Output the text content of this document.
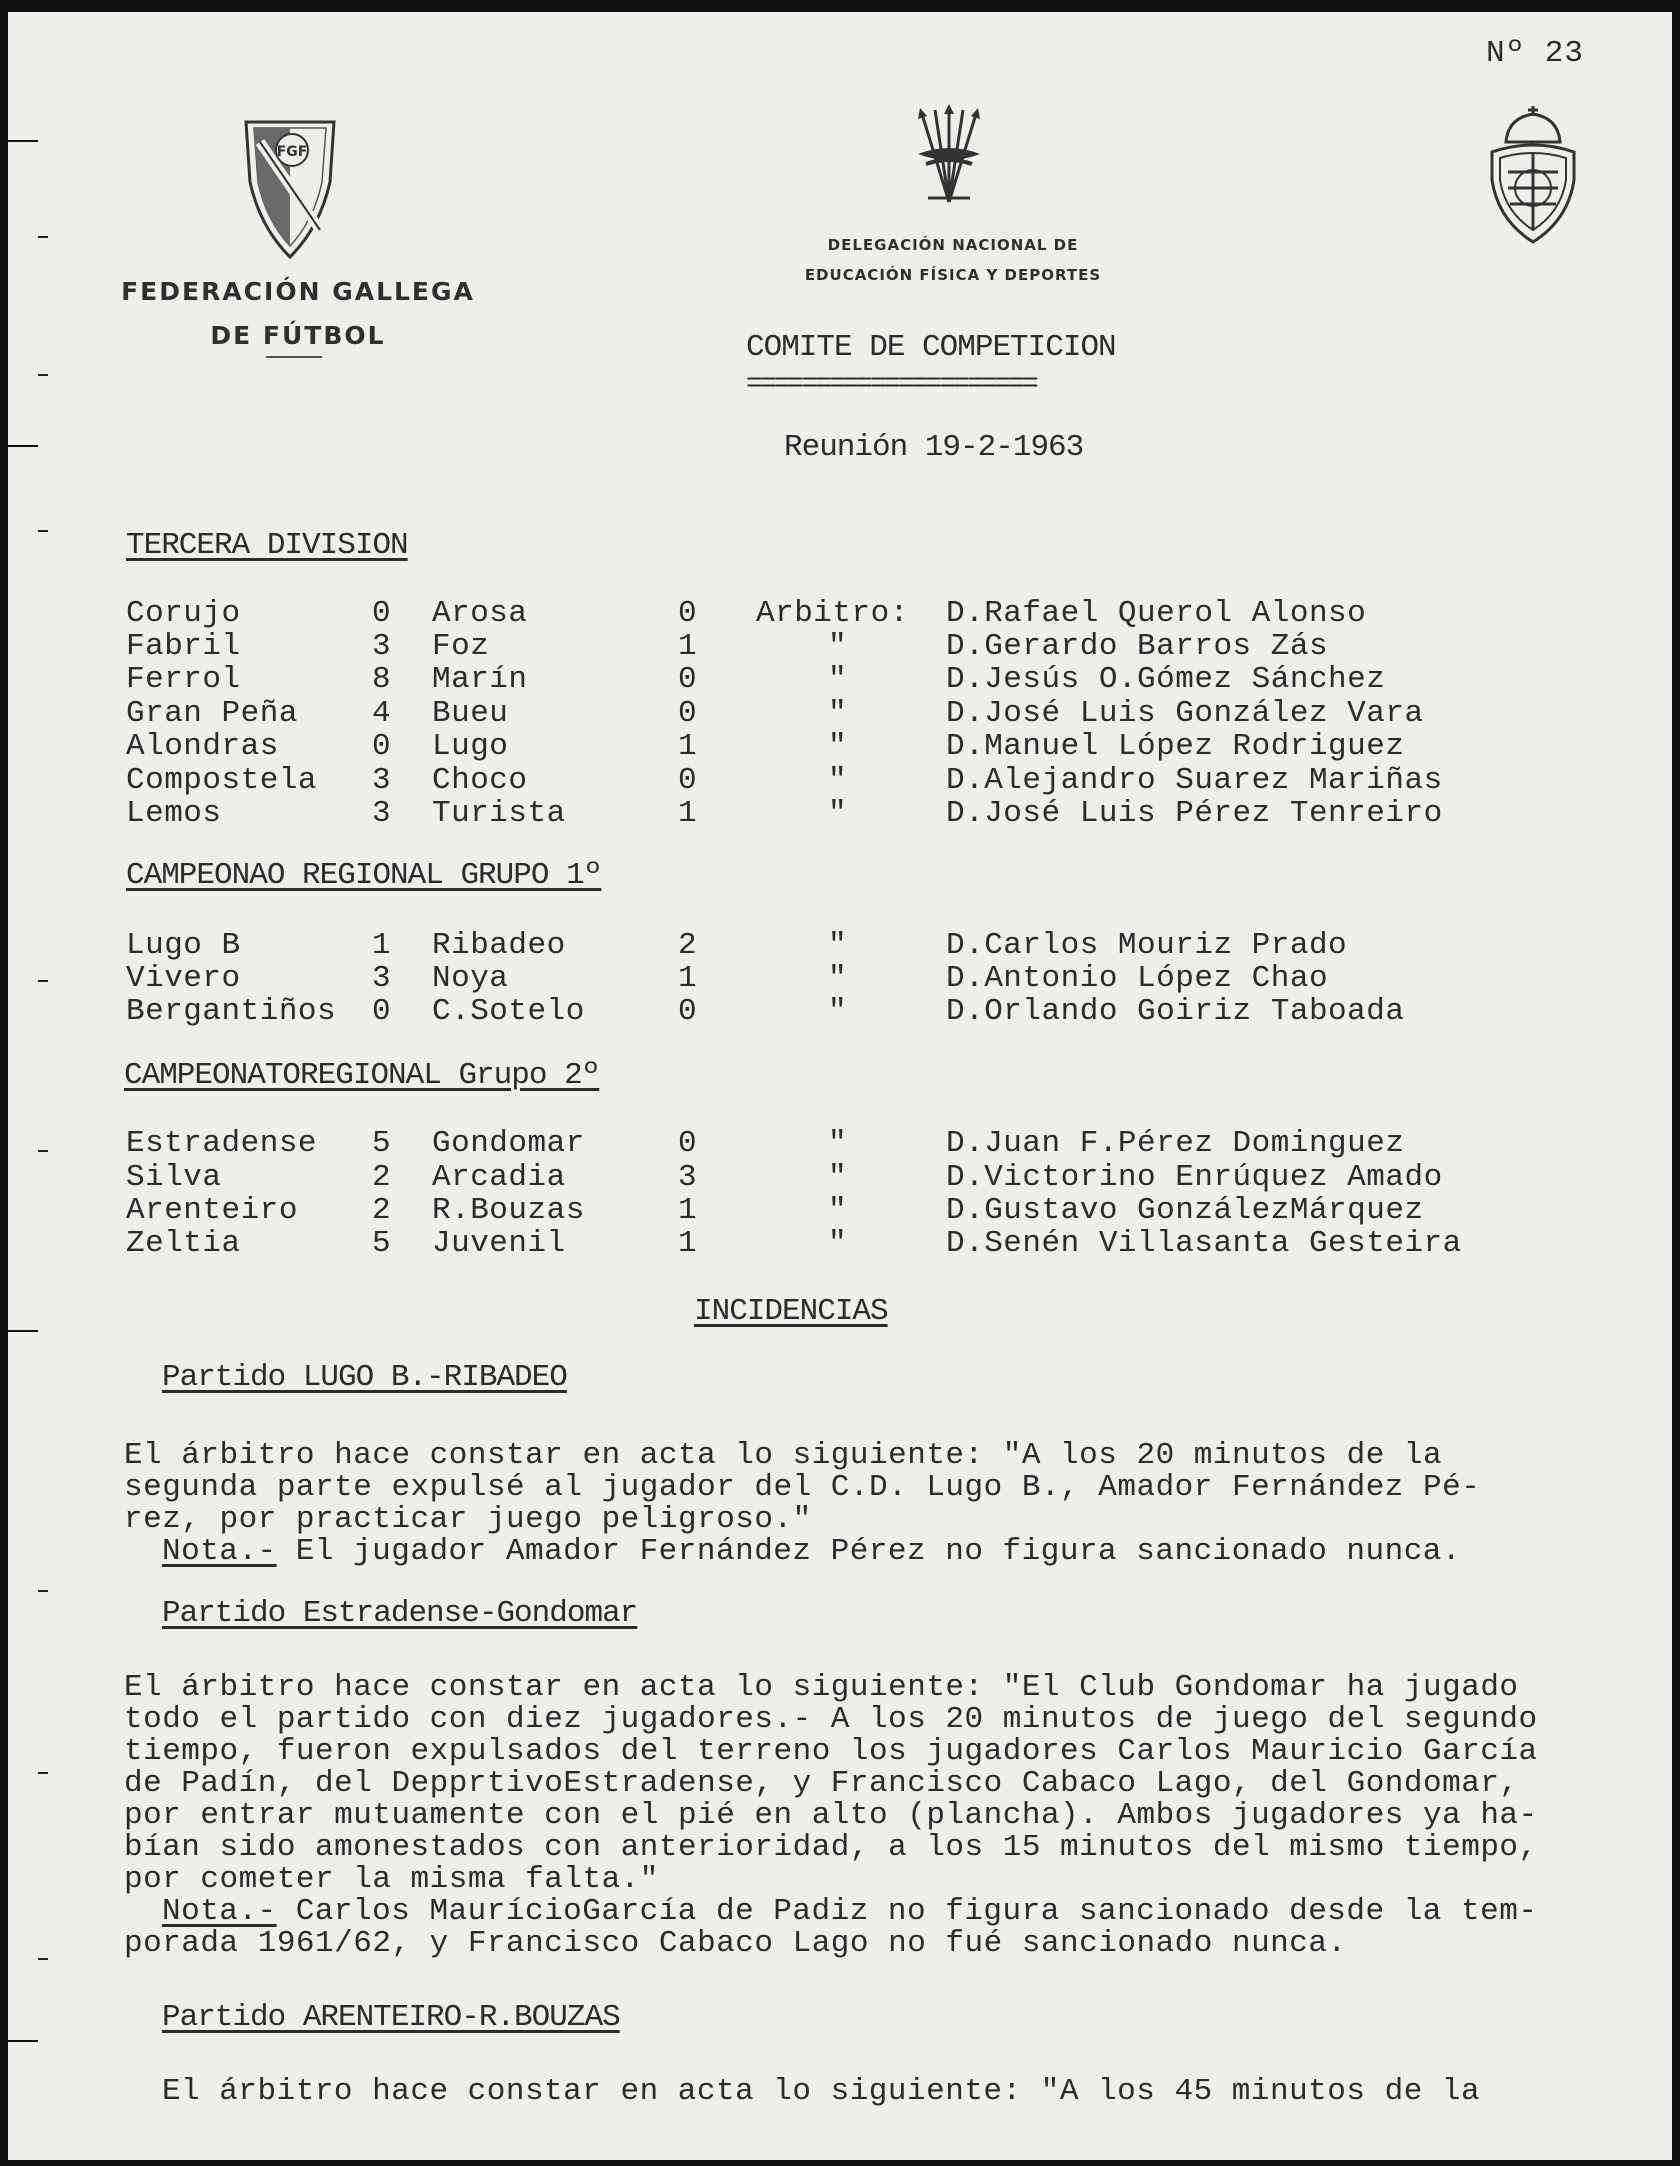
Nº 23
FGF
FEDERACIÓN GALLEGA
DE FÚTBOL
DELEGACIÓN NACIONAL DE
EDUCACIÓN FÍSICA Y DEPORTES
COMITE DE COMPETICION
=====================
Reunión 19-2-1963
TERCERA DIVISION
Corujo	0 Arosa	0 Arbitro: D.Rafael Querol Alonso
Fabril	3 Foz	1	"	D.Gerardo Barros Zás
Ferrol	8 Marín	0	"	D.Jesús O.Gómez Sánchez
Gran Peña 4 Bueu	0	"	D.José Luis González Vara
Alondras	0 Lugo	1	"	D.Manuel López Rodriguez
Compostela 3 Choco	0	"	D.Alejandro Suarez Mariñas
Lemos	3 Turista	1	"	D.José Luis Pérez Tenreiro
CAMPEONAO REGIONAL GRUPO 1º
Lugo B	1 Ribadeo	2	"	D.Carlos Mouriz Prado
Vivero	3 Noya	1	"	D.Antonio López Chao
Bergantiños 0 C.Sotelo	0	"	D.Orlando Goiriz Taboada
CAMPEONATOREGIONAL Grupo 2º
Estradense 5 Gondomar	0	"	D.Juan F.Pérez Dominguez
Silva	2 Arcadia	3	"	D.Victorino Enrúquez Amado
Arenteiro 2 R.Bouzas	1	"	D.Gustavo GonzálezMárquez
Zeltia	5 Juvenil	1	"	D.Senén Villasanta Gesteira
INCIDENCIAS
Partido LUGO B.-RIBADEO
El árbitro hace constar en acta lo siguiente: "A los 20 minutos de la
segunda parte expulsé al jugador del C.D. Lugo B., Amador Fernández Pé-
rez, por practicar juego peligroso."
Nota.- El jugador Amador Fernández Pérez no figura sancionado nunca.
Partido Estradense-Gondomar
El árbitro hace constar en acta lo siguiente: "El Club Gondomar ha jugado
todo el partido con diez jugadores.- A los 20 minutos de juego del segundo
tiempo, fueron expulsados del terreno los jugadores Carlos Mauricio García
de Padín, del DepprtivoEstradense, y Francisco Cabaco Lago, del Gondomar,
por entrar mutuamente con el pié en alto (plancha). Ambos jugadores ya ha-
bían sido amonestados con anterioridad, a los 15 minutos del mismo tiempo,
por cometer la misma falta."
Nota.- Carlos MaurícioGarcía de Padiz no figura sancionado desde la tem-
porada 1961/62, y Francisco Cabaco Lago no fué sancionado nunca.
Partido ARENTEIRO-R.BOUZAS
El árbitro hace constar en acta lo siguiente: "A los 45 minutos de la
